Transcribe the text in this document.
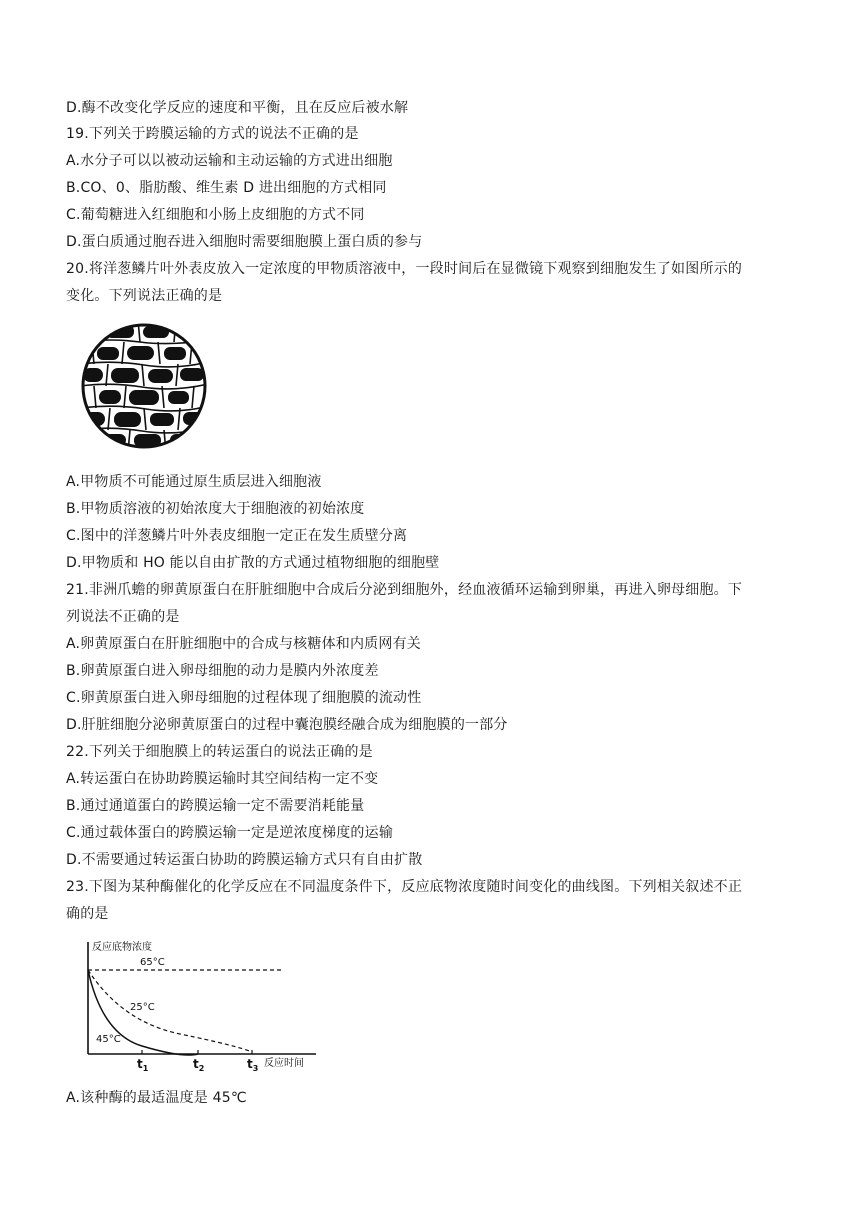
D.酶不改变化学反应的速度和平衡，且在反应后被水解
19.下列关于跨膜运输的方式的说法不正确的是
A.水分子可以以被动运输和主动运输的方式进出细胞
B.CO、0、脂肪酸、维生素 D 进出细胞的方式相同
C.葡萄糖进入红细胞和小肠上皮细胞的方式不同
D.蛋白质通过胞吞进入细胞时需要细胞膜上蛋白质的参与
20.将洋葱鳞片叶外表皮放入一定浓度的甲物质溶液中，一段时间后在显微镜下观察到细胞发生了如图所示的
变化。下列说法正确的是
A.甲物质不可能通过原生质层进入细胞液
B.甲物质溶液的初始浓度大于细胞液的初始浓度
C.图中的洋葱鳞片叶外表皮细胞一定正在发生质壁分离
D.甲物质和 HO 能以自由扩散的方式通过植物细胞的细胞壁
21.非洲爪蟾的卵黄原蛋白在肝脏细胞中合成后分泌到细胞外，经血液循环运输到卵巢，再进入卵母细胞。下
列说法不正确的是
A.卵黄原蛋白在肝脏细胞中的合成与核糖体和内质网有关
B.卵黄原蛋白进入卵母细胞的动力是膜内外浓度差
C.卵黄原蛋白进入卵母细胞的过程体现了细胞膜的流动性
D.肝脏细胞分泌卵黄原蛋白的过程中囊泡膜经融合成为细胞膜的一部分
22.下列关于细胞膜上的转运蛋白的说法正确的是
A.转运蛋白在协助跨膜运输时其空间结构一定不变
B.通过通道蛋白的跨膜运输一定不需要消耗能量
C.通过载体蛋白的跨膜运输一定是逆浓度梯度的运输
D.不需要通过转运蛋白协助的跨膜运输方式只有自由扩散
23.下图为某种酶催化的化学反应在不同温度条件下，反应底物浓度随时间变化的曲线图。下列相关叙述不正
确的是
反应底物浓度
65°C
25°C
45°C
$t_1$	$t_2$	$t_3$ 反应时间
A.该种酶的最适温度是 45℃
